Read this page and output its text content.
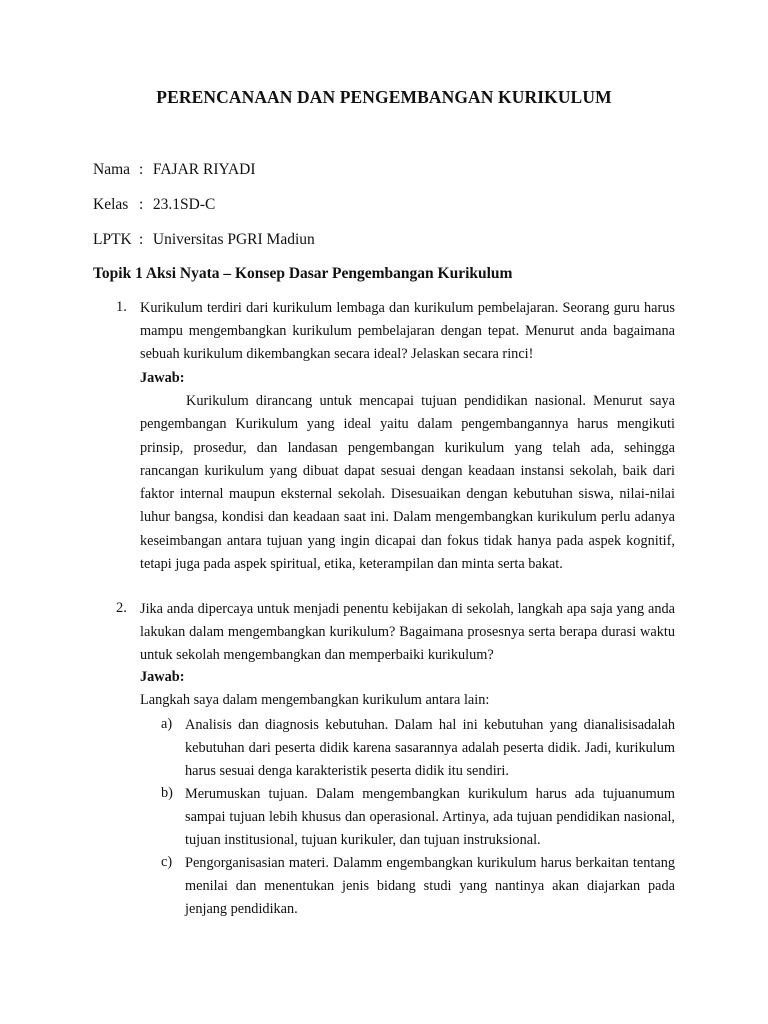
PERENCANAAN DAN PENGEMBANGAN KURIKULUM
Nama : FAJAR RIYADI
Kelas : 23.1SD-C
LPTK : Universitas PGRI Madiun
Topik 1 Aksi Nyata – Konsep Dasar Pengembangan Kurikulum
1. Kurikulum terdiri dari kurikulum lembaga dan kurikulum pembelajaran. Seorang guru harus mampu mengembangkan kurikulum pembelajaran dengan tepat. Menurut anda bagaimana sebuah kurikulum dikembangkan secara ideal? Jelaskan secara rinci!
Jawab:
Kurikulum dirancang untuk mencapai tujuan pendidikan nasional. Menurut saya pengembangan Kurikulum yang ideal yaitu dalam pengembangannya harus mengikuti prinsip, prosedur, dan landasan pengembangan kurikulum yang telah ada, sehingga rancangan kurikulum yang dibuat dapat sesuai dengan keadaan instansi sekolah, baik dari faktor internal maupun eksternal sekolah. Disesuaikan dengan kebutuhan siswa, nilai-nilai luhur bangsa, kondisi dan keadaan saat ini. Dalam mengembangkan kurikulum perlu adanya keseimbangan antara tujuan yang ingin dicapai dan fokus tidak hanya pada aspek kognitif, tetapi juga pada aspek spiritual, etika, keterampilan dan minta serta bakat.
2. Jika anda dipercaya untuk menjadi penentu kebijakan di sekolah, langkah apa saja yang anda lakukan dalam mengembangkan kurikulum? Bagaimana prosesnya serta berapa durasi waktu untuk sekolah mengembangkan dan memperbaiki kurikulum?
Jawab:
Langkah saya dalam mengembangkan kurikulum antara lain:
a) Analisis dan diagnosis kebutuhan. Dalam hal ini kebutuhan yang dianalisisadalah kebutuhan dari peserta didik karena sasarannya adalah peserta didik. Jadi, kurikulum harus sesuai denga karakteristik peserta didik itu sendiri.
b) Merumuskan tujuan. Dalam mengembangkan kurikulum harus ada tujuanumum sampai tujuan lebih khusus dan operasional. Artinya, ada tujuan pendidikan nasional, tujuan institusional, tujuan kurikuler, dan tujuan instruksional.
c) Pengorganisasian materi. Dalamm engembangkan kurikulum harus berkaitan tentang menilai dan menentukan jenis bidang studi yang nantinya akan diajarkan pada jenjang pendidikan.
